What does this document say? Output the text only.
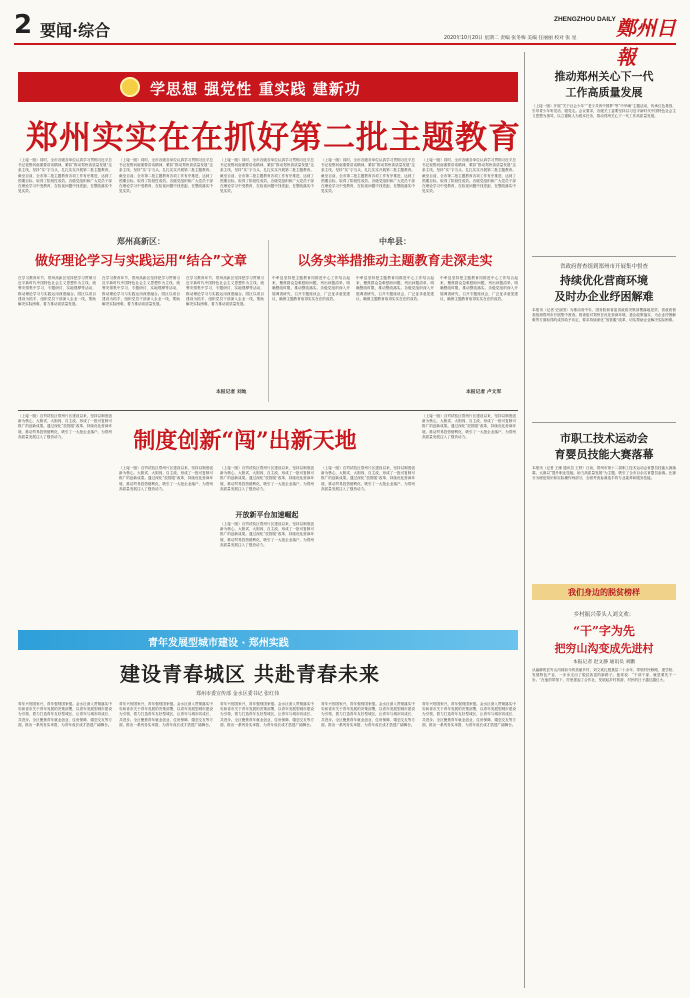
2 要闻·综合
ZHENGZHOU DAILY 鄭州日報
2020年10月20日 星期二 责编 张冬梅 美编 任丽丽 校对 张 星
学思想 强党性 重实践 建新功
郑州实实在在抓好第二批主题教育
（上接一版）同时，全市各级各单位认真学习贯彻习近平总书记视察河南重要讲话精神，紧扣“推动郑州高质量发展”这条主线，坚持“实”字当头，扎扎实实开展第二批主题教育。截至目前，全市第二批主题教育各项工作有序推进，达到了预期目标，取得了阶段性成效。各级党组织和广大党员干部在理论学习中受教育，在检视问题中找差距，在整改落实中见实效。
（上接一版）同时，全市各级各单位认真学习贯彻习近平总书记视察河南重要讲话精神，紧扣“推动郑州高质量发展”这条主线，坚持“实”字当头，扎扎实实开展第二批主题教育。截至目前，全市第二批主题教育各项工作有序推进，达到了预期目标，取得了阶段性成效。各级党组织和广大党员干部在理论学习中受教育，在检视问题中找差距，在整改落实中见实效。
（上接一版）同时，全市各级各单位认真学习贯彻习近平总书记视察河南重要讲话精神，紧扣“推动郑州高质量发展”这条主线，坚持“实”字当头，扎扎实实开展第二批主题教育。截至目前，全市第二批主题教育各项工作有序推进，达到了预期目标，取得了阶段性成效。各级党组织和广大党员干部在理论学习中受教育，在检视问题中找差距，在整改落实中见实效。
（上接一版）同时，全市各级各单位认真学习贯彻习近平总书记视察河南重要讲话精神，紧扣“推动郑州高质量发展”这条主线，坚持“实”字当头，扎扎实实开展第二批主题教育。截至目前，全市第二批主题教育各项工作有序推进，达到了预期目标，取得了阶段性成效。各级党组织和广大党员干部在理论学习中受教育，在检视问题中找差距，在整改落实中见实效。
（上接一版）同时，全市各级各单位认真学习贯彻习近平总书记视察河南重要讲话精神，紧扣“推动郑州高质量发展”这条主线，坚持“实”字当头，扎扎实实开展第二批主题教育。截至目前，全市第二批主题教育各项工作有序推进，达到了预期目标，取得了阶段性成效。各级党组织和广大党员干部在理论学习中受教育，在检视问题中找差距，在整改落实中见实效。
郑州高新区：
做好理论学习与实践运用“结合”文章
在学习教育环节，郑州高新区坚持把学习贯彻习近平新时代中国特色社会主义思想作为主线，统筹安排集中学习、专题研讨、实地观摩等活动，推动理论学习与实践运用深度融合。园区以项目建设为抓手，组织党员干部深入企业一线，帮助解决实际困难，着力推动高质量发展。
在学习教育环节，郑州高新区坚持把学习贯彻习近平新时代中国特色社会主义思想作为主线，统筹安排集中学习、专题研讨、实地观摩等活动，推动理论学习与实践运用深度融合。园区以项目建设为抓手，组织党员干部深入企业一线，帮助解决实际困难，着力推动高质量发展。
在学习教育环节，郑州高新区坚持把学习贯彻习近平新时代中国特色社会主义思想作为主线，统筹安排集中学习、专题研讨、实地观摩等活动，推动理论学习与实践运用深度融合。园区以项目建设为抓手，组织党员干部深入企业一线，帮助解决实际困难，着力推动高质量发展。
本报记者 刘地
中牟县：
以务实举措推动主题教育走深走实
中牟县坚持把主题教育同推进中心工作结合起来，聚焦群众急难愁盼问题，列出问题清单，明确整改时限，推动整改落实。各级党组织深入开展调查研究，召开专题座谈会，广泛征求意见建议，确保主题教育取得实实在在的成效。
中牟县坚持把主题教育同推进中心工作结合起来，聚焦群众急难愁盼问题，列出问题清单，明确整改时限，推动整改落实。各级党组织深入开展调查研究，召开专题座谈会，广泛征求意见建议，确保主题教育取得实实在在的成效。
中牟县坚持把主题教育同推进中心工作结合起来，聚焦群众急难愁盼问题，列出问题清单，明确整改时限，推动整改落实。各级党组织深入开展调查研究，召开专题座谈会，广泛征求意见建议，确保主题教育取得实实在在的成效。
本报记者 卢文军
（上接一版）自贸试验区郑州片区建设以来，坚持以制度创新为核心，大胆试、大胆闯、自主改，形成了一批可复制可推广的创新成果。通过深化“放管服”改革，持续优化营商环境，推动贸易投资便利化，吸引了一大批企业落户，为郑州高质量发展注入了强劲动力。	制度创新“闯”出新天地
（上接一版）自贸试验区郑州片区建设以来，坚持以制度创新为核心，大胆试、大胆闯、自主改，形成了一批可复制可推广的创新成果。通过深化“放管服”改革，持续优化营商环境，推动贸易投资便利化，吸引了一大批企业落户，为郑州高质量发展注入了强劲动力。
（上接一版）自贸试验区郑州片区建设以来，坚持以制度创新为核心，大胆试、大胆闯、自主改，形成了一批可复制可推广的创新成果。通过深化“放管服”改革，持续优化营商环境，推动贸易投资便利化，吸引了一大批企业落户，为郑州高质量发展注入了强劲动力。
开放新平台加速崛起
（上接一版）自贸试验区郑州片区建设以来，坚持以制度创新为核心，大胆试、大胆闯、自主改，形成了一批可复制可推广的创新成果。通过深化“放管服”改革，持续优化营商环境，推动贸易投资便利化，吸引了一大批企业落户，为郑州高质量发展注入了强劲动力。
（上接一版）自贸试验区郑州片区建设以来，坚持以制度创新为核心，大胆试、大胆闯、自主改，形成了一批可复制可推广的创新成果。通过深化“放管服”改革，持续优化营商环境，推动贸易投资便利化，吸引了一大批企业落户，为郑州高质量发展注入了强劲动力。
（上接一版）自贸试验区郑州片区建设以来，坚持以制度创新为核心，大胆试、大胆闯、自主改，形成了一批可复制可推广的创新成果。通过深化“放管服”改革，持续优化营商环境，推动贸易投资便利化，吸引了一大批企业落户，为郑州高质量发展注入了强劲动力。
青年发展型城市建设 · 郑州实践
建设青春城区 共赴青春未来
郑州市委宣传部 金水区委书记 张红伟
青年兴则国家兴，青年强则国家强。金水区深入贯彻落实中央和省市关于青年发展的决策部署，以青年发展型城市建设为引领，着力打造青年友好型城区，让青年与城市同成长、共进步。全区聚焦青年就业创业、住房保障、婚恋交友等方面，推出一系列务实举措，为青年成长成才搭建广阔舞台。
青年兴则国家兴，青年强则国家强。金水区深入贯彻落实中央和省市关于青年发展的决策部署，以青年发展型城市建设为引领，着力打造青年友好型城区，让青年与城市同成长、共进步。全区聚焦青年就业创业、住房保障、婚恋交友等方面，推出一系列务实举措，为青年成长成才搭建广阔舞台。
青年兴则国家兴，青年强则国家强。金水区深入贯彻落实中央和省市关于青年发展的决策部署，以青年发展型城市建设为引领，着力打造青年友好型城区，让青年与城市同成长、共进步。全区聚焦青年就业创业、住房保障、婚恋交友等方面，推出一系列务实举措，为青年成长成才搭建广阔舞台。
青年兴则国家兴，青年强则国家强。金水区深入贯彻落实中央和省市关于青年发展的决策部署，以青年发展型城市建设为引领，着力打造青年友好型城区，让青年与城市同成长、共进步。全区聚焦青年就业创业、住房保障、婚恋交友等方面，推出一系列务实举措，为青年成长成才搭建广阔舞台。
青年兴则国家兴，青年强则国家强。金水区深入贯彻落实中央和省市关于青年发展的决策部署，以青年发展型城市建设为引领，着力打造青年友好型城区，让青年与城市同成长、共进步。全区聚焦青年就业创业、住房保障、婚恋交友等方面，推出一系列务实举措，为青年成长成才搭建广阔舞台。
推动郑州关心下一代
工作高质量发展
（上接一版）开展“关于社会少年”“老少共育中国梦”等“中华魂”主题活动，传承红色基因，引导青少年听党话、跟党走。会议要求，各级关工委要坚持以习近平新时代中国特色社会主义思想为指导，以立德树人为根本任务，推动郑州关心下一代工作高质量发展。
省政府督查组到郑州市开展集中督查
持续优化营商环境
及时办企业纾困解难
本报讯（记者 史治国）为推动省中央、国务院和省委省政府决策部署落地见效，省政府督查组到郑州市开展集中督查。督查组对郑州在优化营商环境、惠企政策落实、为企业纾困解难等方面取得的成效给予肯定，要求持续深化“放管服”改革，切实帮助企业解决实际困难。
市职工技术运动会
育婴员技能大赛落幕
本报讯（记者 王雁 通讯员 王婷）日前，郑州市第十二届职工技术运动会育婴员技能大赛落幕。大赛以“提升职业技能，助力高质量发展”为主题，吸引了全市百余名育婴员参赛。比赛分为理论知识和实际操作两部分，全面考查参赛选手的专业素养和服务技能。
我们身边的脱贫榜样
乡村振兴带头人刘文欢：
“干”字为先
把穷山沟变成先进村
本报记者 赵文静 通讯员 刘鹏
从偏僻的贫穷山沟到如今的美丽乡村，刘文欢扎根基层二十余年，带领村民修路、建学校、发展特色产业，一步步走出了脱贫致富的新路子。他常说：“干部干部，就是要先干一步。”在他的带领下，村里建起了合作社，发展起乡村旅游，村民的日子越过越红火。
